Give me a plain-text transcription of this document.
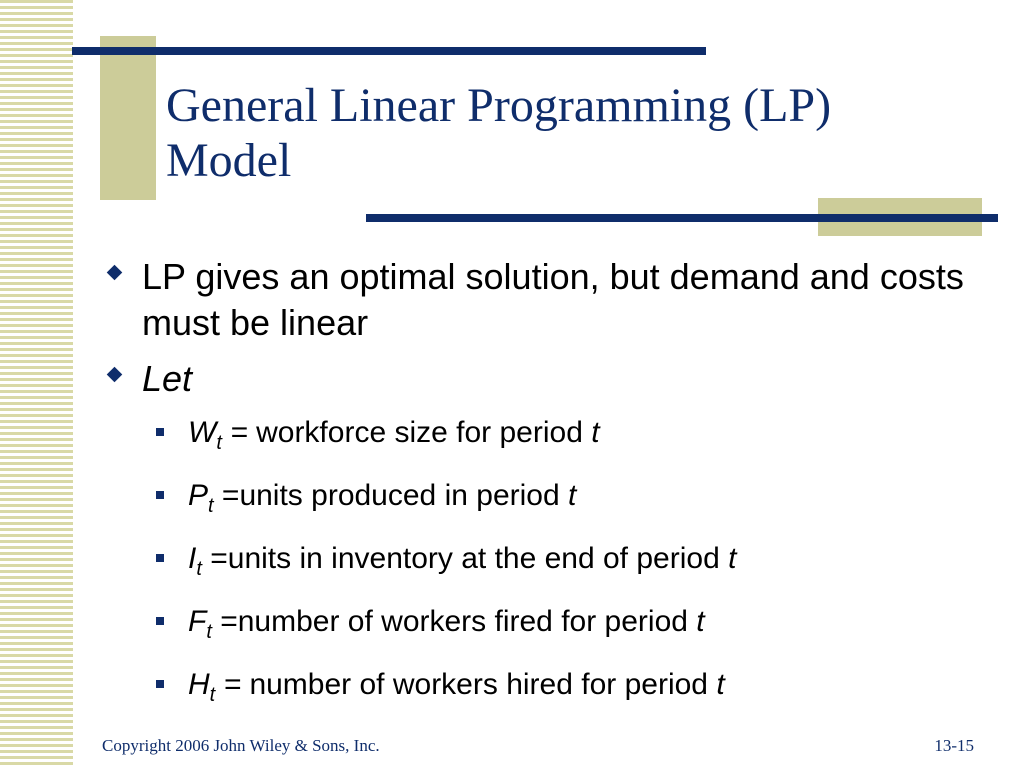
General Linear Programming (LP)
Model
LP gives an optimal solution, but demand and costs must be linear
Let
$W_t$ = workforce size for period t
$P_t$ =units produced in period t
$I_t$ =units in inventory at the end of period t
$F_t$ =number of workers fired for period t
$H_t$ = number of workers hired for period t
Copyright 2006 John Wiley & Sons, Inc.	13-15
